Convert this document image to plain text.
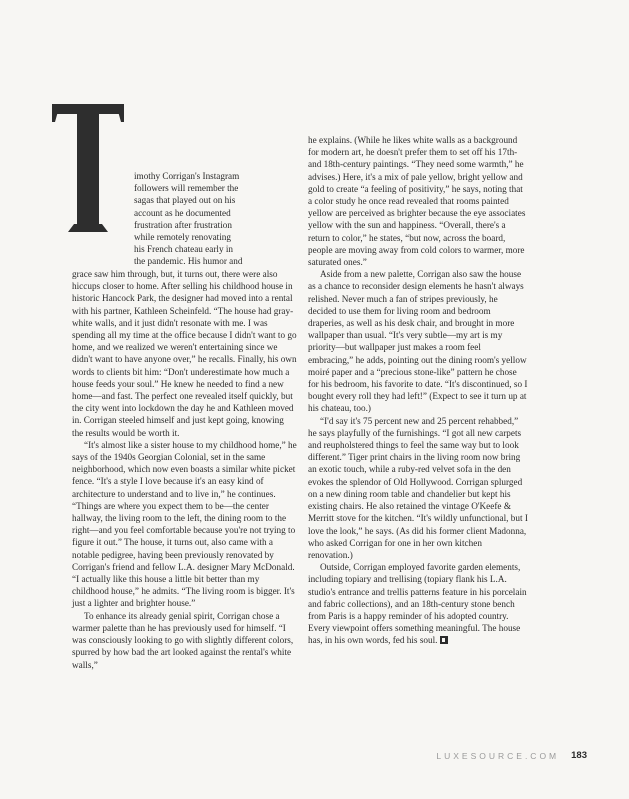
imothy Corrigan's Instagram
followers will remember the
sagas that played out on his
account as he documented
frustration after frustration
while remotely renovating
his French chateau early in
the pandemic. His humor and

grace saw him through, but, it turns out, there were also hiccups closer to home. After selling his childhood house in historic Hancock Park, the designer had moved into a rental with his partner, Kathleen Scheinfeld. “The house had gray-white walls, and it just didn't resonate with me. I was spending all my time at the office because I didn't want to go home, and we realized we weren't entertaining since we didn't want to have anyone over,” he recalls. Finally, his own words to clients bit him: “Don't underestimate how much a house feeds your soul.” He knew he needed to find a new home—and fast. The perfect one revealed itself quickly, but the city went into lockdown the day he and Kathleen moved in. Corrigan steeled himself and just kept going, knowing the results would be worth it.

“It's almost like a sister house to my childhood home,” he says of the 1940s Georgian Colonial, set in the same neighborhood, which now even boasts a similar white picket fence. “It's a style I love because it's an easy kind of architecture to understand and to live in,” he continues. “Things are where you expect them to be—the center hallway, the living room to the left, the dining room to the right—and you feel comfortable because you're not trying to figure it out.” The house, it turns out, also came with a notable pedigree, having been previously renovated by Corrigan's friend and fellow L.A. designer Mary McDonald. “I actually like this house a little bit better than my childhood house,” he admits. “The living room is bigger. It's just a lighter and brighter house.”

To enhance its already genial spirit, Corrigan chose a warmer palette than he has previously used for himself. “I was consciously looking to go with slightly different colors, spurred by how bad the art looked against the rental's white walls,”

he explains. (While he likes white walls as a background for modern art, he doesn't prefer them to set off his 17th- and 18th-century paintings. “They need some warmth,” he advises.) Here, it's a mix of pale yellow, bright yellow and gold to create “a feeling of positivity,” he says, noting that a color study he once read revealed that rooms painted yellow are perceived as brighter because the eye associates yellow with the sun and happiness. “Overall, there's a return to color,” he states, “but now, across the board, people are moving away from cold colors to warmer, more saturated ones.”

Aside from a new palette, Corrigan also saw the house as a chance to reconsider design elements he hasn't always relished. Never much a fan of stripes previously, he decided to use them for living room and bedroom draperies, as well as his desk chair, and brought in more wallpaper than usual. “It's very subtle—my art is my priority—but wallpaper just makes a room feel embracing,” he adds, pointing out the dining room's yellow moiré paper and a “precious stone-like” pattern he chose for his bedroom, his favorite to date. “It's discontinued, so I bought every roll they had left!” (Expect to see it turn up at his chateau, too.)

“I'd say it's 75 percent new and 25 percent rehabbed,” he says playfully of the furnishings. “I got all new carpets and reupholstered things to feel the same way but to look different.” Tiger print chairs in the living room now bring an exotic touch, while a ruby-red velvet sofa in the den evokes the splendor of Old Hollywood. Corrigan splurged on a new dining room table and chandelier but kept his existing chairs. He also retained the vintage O'Keefe & Merritt stove for the kitchen. “It's wildly unfunctional, but I love the look,” he says. (As did his former client Madonna, who asked Corrigan for one in her own kitchen renovation.)

Outside, Corrigan employed favorite garden elements, including topiary and trellising (topiary flank his L.A. studio's entrance and trellis patterns feature in his porcelain and fabric collections), and an 18th-century stone bench from Paris is a happy reminder of his adopted country. Every viewpoint offers something meaningful. The house has, in his own words, fed his soul.

LUXESOURCE.COM 183
